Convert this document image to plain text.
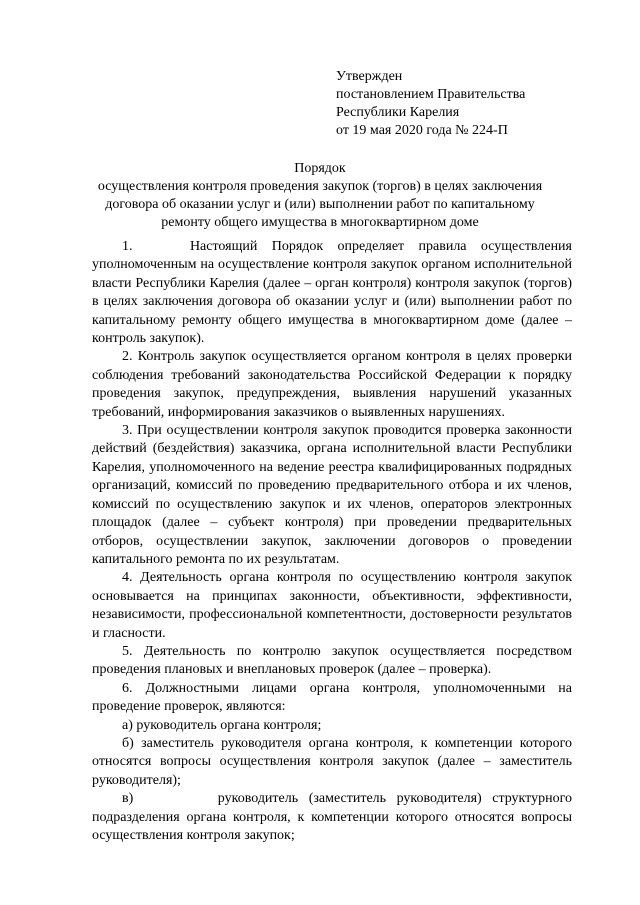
Утвержден
постановлением Правительства
Республики Карелия
от 19 мая 2020 года № 224-П
Порядок
осуществления контроля проведения закупок (торгов) в целях заключения
договора об оказании услуг и (или) выполнении работ по капитальному
ремонту общего имущества в многоквартирном доме

1.    Настоящий Порядок определяет правила осуществления уполномоченным на осуществление контроля закупок органом исполнительной власти Республики Карелия (далее – орган контроля) контроля закупок (торгов) в целях заключения договора об оказании услуг и (или) выполнении работ по капитальному ремонту общего имущества в многоквартирном доме (далее – контроль закупок).

2. Контроль закупок осуществляется органом контроля в целях проверки соблюдения требований законодательства Российской Федерации к порядку проведения закупок, предупреждения, выявления нарушений указанных требований, информирования заказчиков о выявленных нарушениях.

3. При осуществлении контроля закупок проводится проверка законности действий (бездействия) заказчика, органа исполнительной власти Республики Карелия, уполномоченного на ведение реестра квалифицированных подрядных организаций, комиссий по проведению предварительного отбора и их членов, комиссий по осуществлению закупок и их членов, операторов электронных площадок (далее – субъект контроля) при проведении предварительных отборов, осуществлении закупок, заключении договоров о проведении капитального ремонта по их результатам.

4. Деятельность органа контроля по осуществлению контроля закупок основывается на принципах законности, объективности, эффективности, независимости, профессиональной компетентности, достоверности результатов и гласности.

5. Деятельность по контролю закупок осуществляется посредством проведения плановых и внеплановых проверок (далее – проверка).

6. Должностными лицами органа контроля, уполномоченными на проведение проверок, являются:

а) руководитель органа контроля;

б) заместитель руководителя органа контроля, к компетенции которого относятся вопросы осуществления контроля закупок (далее – заместитель руководителя);

в)        руководитель (заместитель руководителя) структурного подразделения органа контроля, к компетенции которого относятся вопросы осуществления контроля закупок;
